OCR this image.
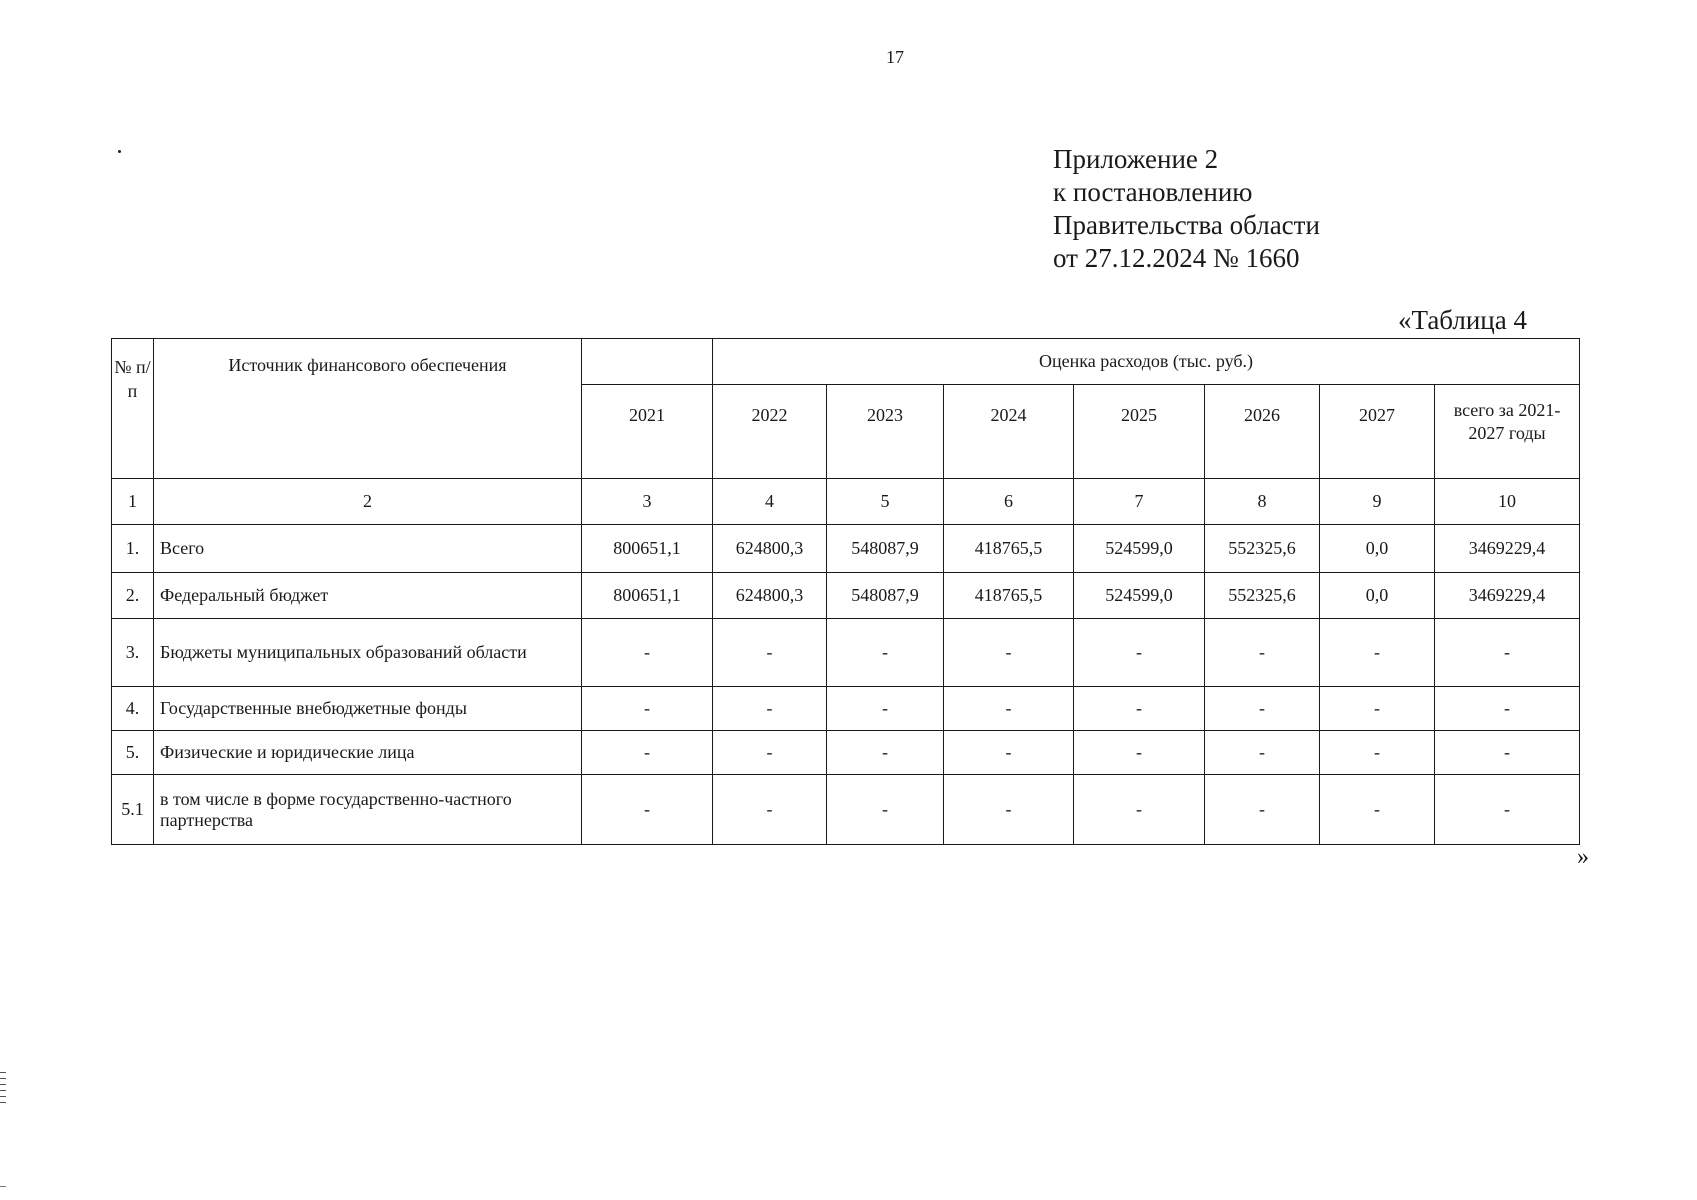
17
Приложение 2
к постановлению
Правительства области
от 27.12.2024 № 1660
«Таблица 4
№ п/п	Источник финансового обеспечения		Оценка расходов (тыс. руб.)						
		2021	2022	2023	2024	2025	2026	2027	всего за 2021-2027 годы
1	2	3	4	5	6	7	8	9	10
1.	Всего	800651,1	624800,3	548087,9	418765,5	524599,0	552325,6	0,0	3469229,4
2.	Федеральный бюджет	800651,1	624800,3	548087,9	418765,5	524599,0	552325,6	0,0	3469229,4
3.	Бюджеты муниципальных образований области	-	-	-	-	-	-	-	-
4.	Государственные внебюджетные фонды	-	-	-	-	-	-	-	-
5.	Физические и юридические лица	-	-	-	-	-	-	-	-
5.1	в том числе в форме государственно-частного партнерства	-	-	-	-	-	-	-	-
»
